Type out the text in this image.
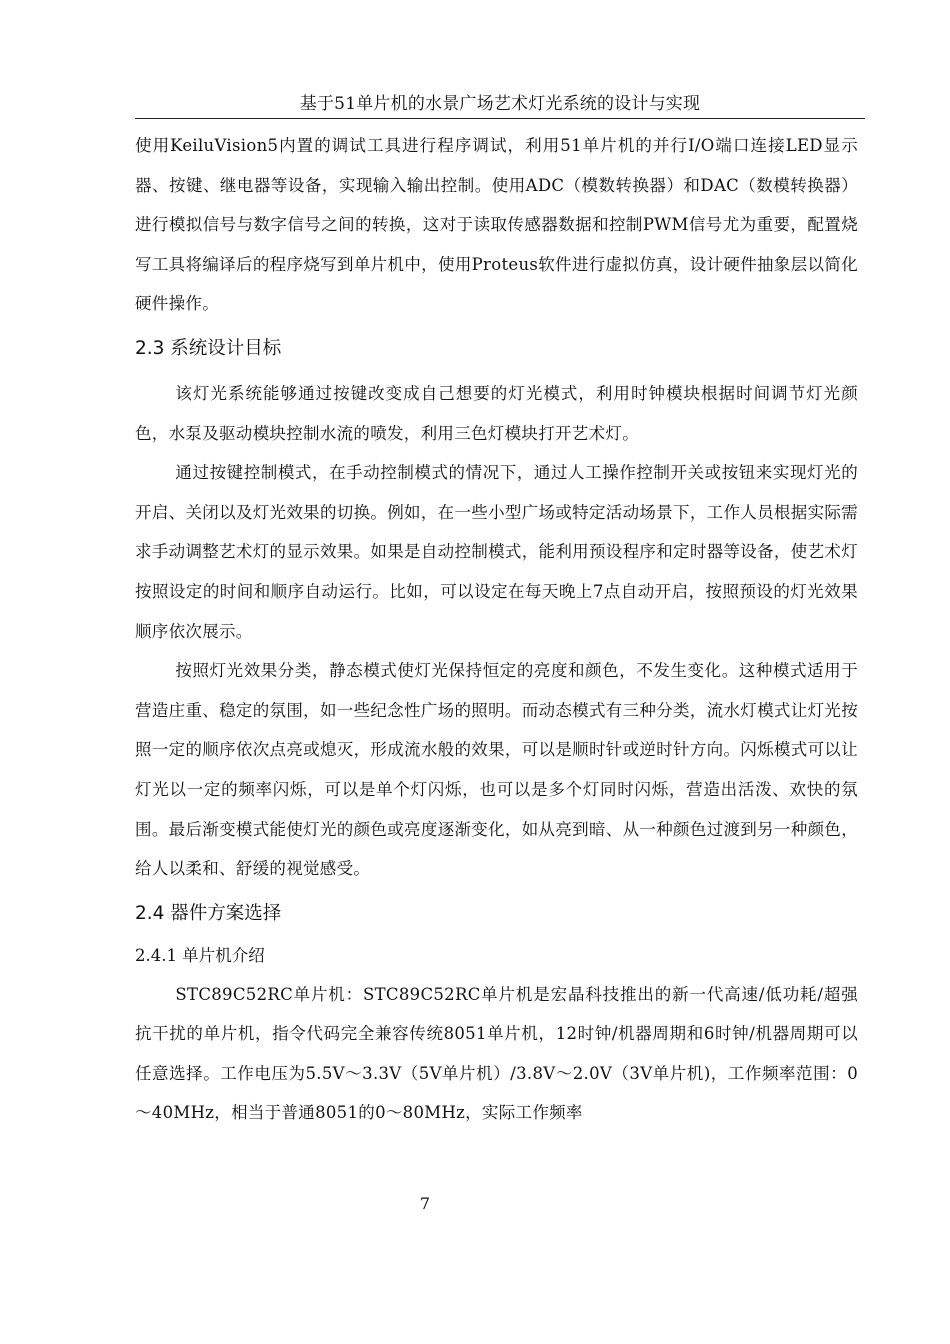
基于51单片机的水景广场艺术灯光系统的设计与实现

使用KeiluVision5内置的调试工具进行程序调试，利用51单片机的并行I/O端口连接LED显示器、按键、继电器等设备，实现输入输出控制。使用ADC（模数转换器）和DAC（数模转换器）进行模拟信号与数字信号之间的转换，这对于读取传感器数据和控制PWM信号尤为重要，配置烧写工具将编译后的程序烧写到单片机中，使用Proteus软件进行虚拟仿真，设计硬件抽象层以简化硬件操作。

2.3 系统设计目标

该灯光系统能够通过按键改变成自己想要的灯光模式，利用时钟模块根据时间调节灯光颜色，水泵及驱动模块控制水流的喷发，利用三色灯模块打开艺术灯。

通过按键控制模式，在手动控制模式的情况下，通过人工操作控制开关或按钮来实现灯光的开启、关闭以及灯光效果的切换。例如，在一些小型广场或特定活动场景下，工作人员根据实际需求手动调整艺术灯的显示效果。如果是自动控制模式，能利用预设程序和定时器等设备，使艺术灯按照设定的时间和顺序自动运行。比如，可以设定在每天晚上7点自动开启，按照预设的灯光效果顺序依次展示。

按照灯光效果分类，静态模式使灯光保持恒定的亮度和颜色，不发生变化。这种模式适用于营造庄重、稳定的氛围，如一些纪念性广场的照明。而动态模式有三种分类，流水灯模式让灯光按照一定的顺序依次点亮或熄灭，形成流水般的效果，可以是顺时针或逆时针方向。闪烁模式可以让灯光以一定的频率闪烁，可以是单个灯闪烁，也可以是多个灯同时闪烁，营造出活泼、欢快的氛围。最后渐变模式能使灯光的颜色或亮度逐渐变化，如从亮到暗、从一种颜色过渡到另一种颜色，给人以柔和、舒缓的视觉感受。

2.4 器件方案选择
2.4.1 单片机介绍

STC89C52RC单片机：STC89C52RC单片机是宏晶科技推出的新一代高速/低功耗/超强抗干扰的单片机，指令代码完全兼容传统8051单片机，12时钟/机器周期和6时钟/机器周期可以任意选择。工作电压为5.5V～3.3V（5V单片机）/3.8V～2.0V（3V单片机)，工作频率范围：0～40MHz，相当于普通8051的0～80MHz，实际工作频率

7
